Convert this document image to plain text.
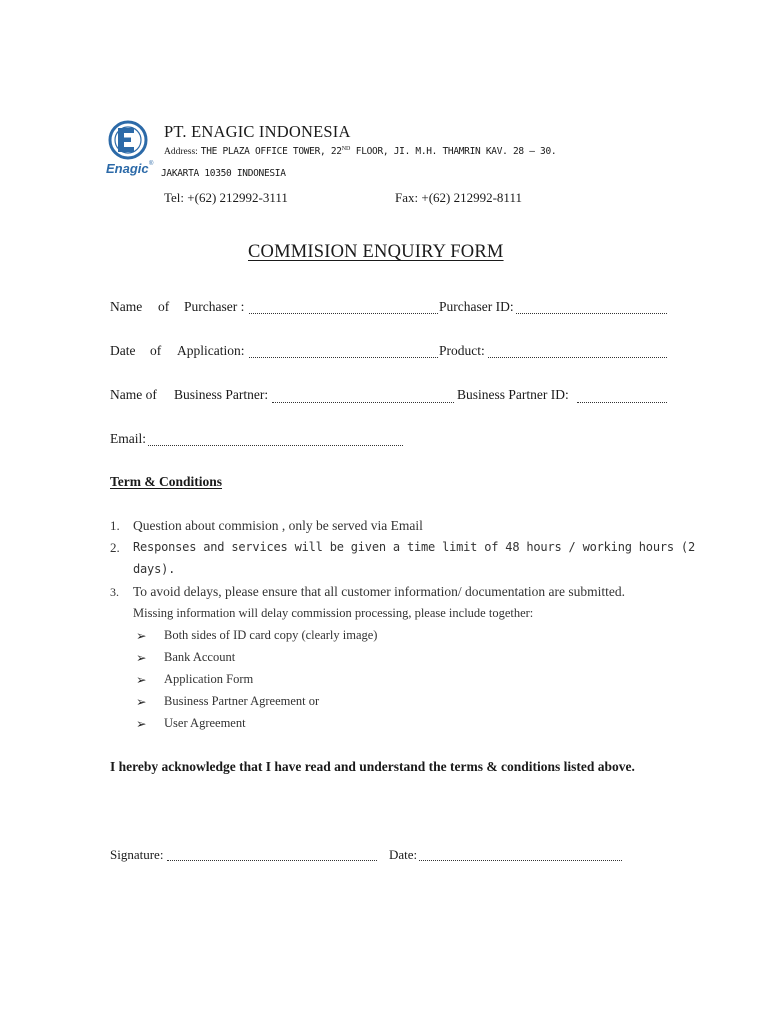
Enagic ®
PT. ENAGIC INDONESIA
Address: THE PLAZA OFFICE TOWER, 22ND FLOOR, JI. M.H. THAMRIN KAV. 28 – 30.
JAKARTA 10350 INDONESIA
Tel: +(62) 212992-3111	Fax: +(62) 212992-8111
COMMISION ENQUIRY FORM
Name of Purchaser :	Purchaser ID:
Date of Application:	Product:
Name of Business Partner:	Business Partner ID:
Email:
Term & Conditions
1. Question about commision , only be served via Email
2. Responses and services will be given a time limit of 48 hours / working hours (2
days).
3. To avoid delays, please ensure that all customer information/ documentation are submitted.
Missing information will delay commission processing, please include together:
➢ Both sides of ID card copy (clearly image)
➢ Bank Account
➢ Application Form
➢ Business Partner Agreement or
➢ User Agreement
I hereby acknowledge that I have read and understand the terms & conditions listed above.
Signature:	Date:
